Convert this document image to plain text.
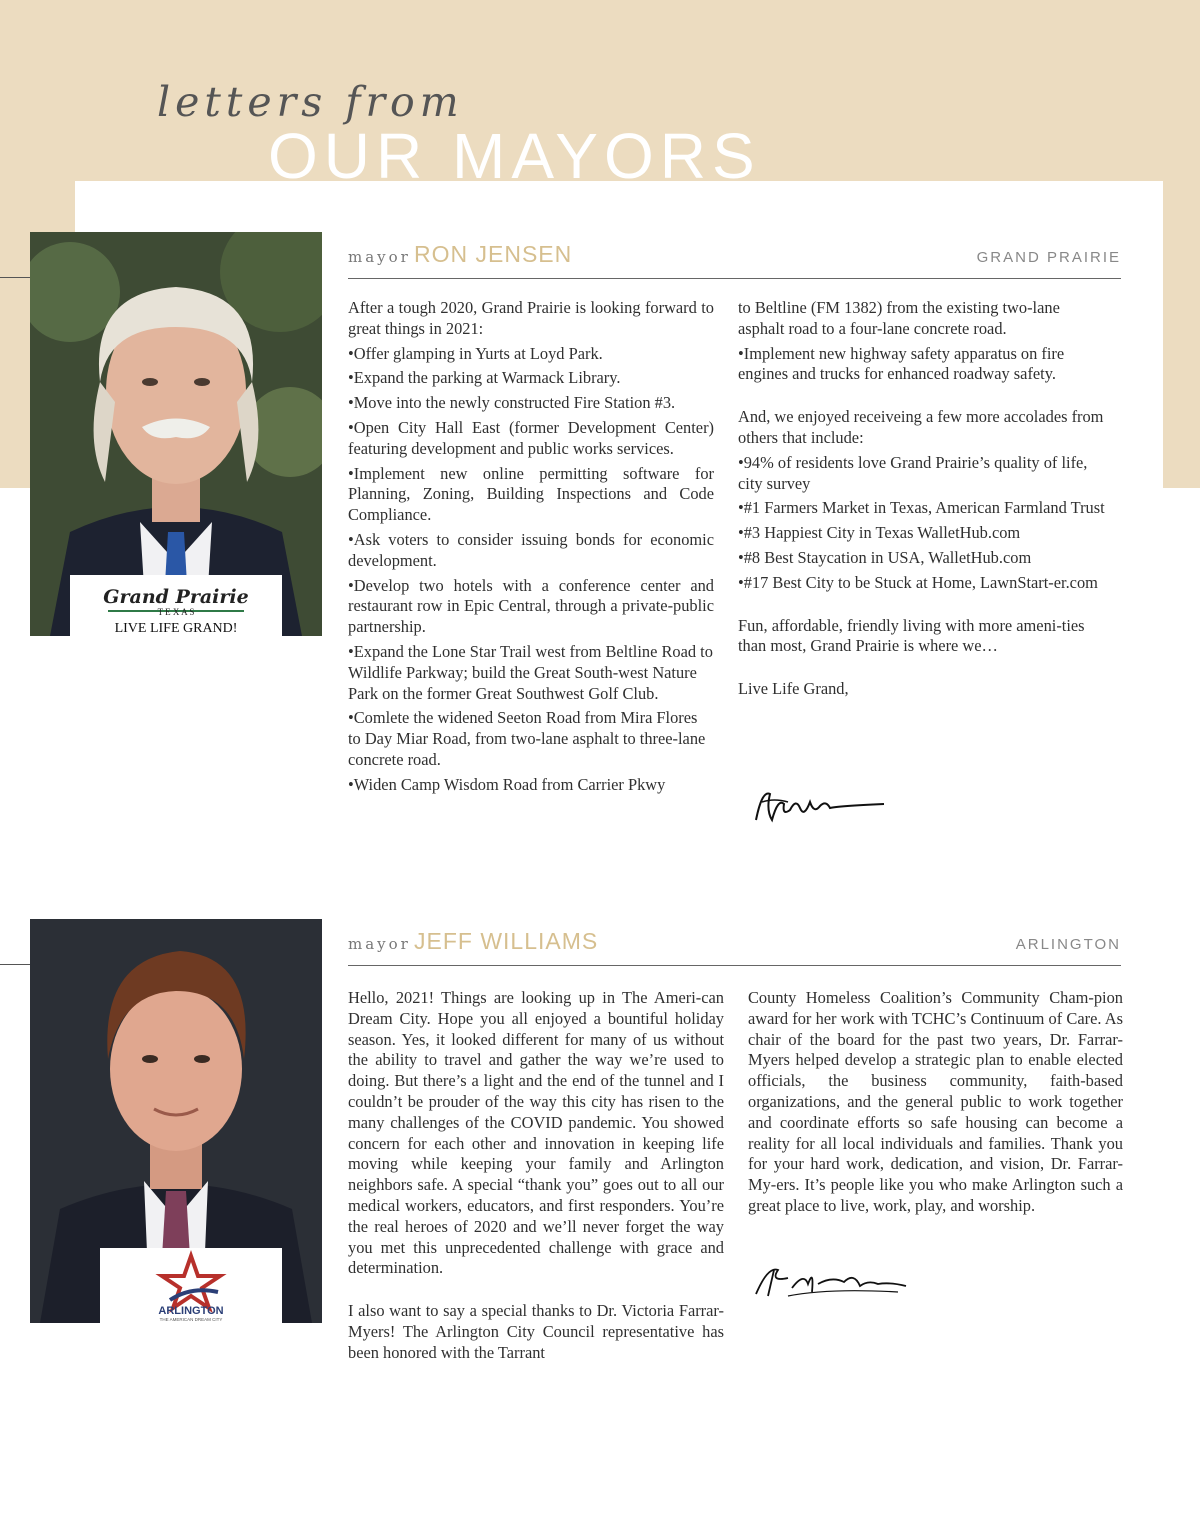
letters from
OUR MAYORS
Grand Prairie
T E X A S
LIVE LIFE GRAND!
mayor RON JENSEN	GRAND PRAIRIE

After a tough 2020, Grand Prairie is looking forward to great things in 2021:

•Offer glamping in Yurts at Loyd Park.

•Expand the parking at Warmack Library.

•Move into the newly constructed Fire Station #3.

•Open City Hall East (former Development Center) featuring development and public works services.

•Implement new online permitting software for Planning, Zoning, Building Inspections and Code Compliance.

•Ask voters to consider issuing bonds for economic development.

•Develop two hotels with a conference center and restaurant row in Epic Central, through a private-public partnership.

•Expand the Lone Star Trail west from Beltline Road to Wildlife Parkway; build the Great South-west Nature Park on the former Great Southwest Golf Club.

•Comlete the widened Seeton Road from Mira Flores to Day Miar Road, from two-lane asphalt to three-lane concrete road.

•Widen Camp Wisdom Road from Carrier Pkwy

to Beltline (FM 1382) from the existing two-lane asphalt road to a four-lane concrete road.

•Implement new highway safety apparatus on fire engines and trucks for enhanced roadway safety.

And, we enjoyed receiveing a few more accolades from others that include:

•94% of residents love Grand Prairie’s quality of life, city survey

•#1 Farmers Market in Texas, American Farmland Trust

•#3 Happiest City in Texas WalletHub.com

•#8 Best Staycation in USA, WalletHub.com

•#17 Best City to be Stuck at Home, LawnStart-er.com

Fun, affordable, friendly living with more ameni-ties than most, Grand Prairie is where we…

Live Life Grand,

ARLINGTON
THE AMERICAN DREAM CITY
mayor JEFF WILLIAMS	ARLINGTON

Hello, 2021! Things are looking up in The Ameri-can Dream City. Hope you all enjoyed a bountiful holiday season. Yes, it looked different for many of us without the ability to travel and gather the way we’re used to doing. But there’s a light and the end of the tunnel and I couldn’t be prouder of the way this city has risen to the many challenges of the COVID pandemic. You showed concern for each other and innovation in keeping life moving while keeping your family and Arlington neighbors safe. A special “thank you” goes out to all our medical workers, educators, and first responders. You’re the real heroes of 2020 and we’ll never forget the way you met this unprecedented challenge with grace and determination.

I also want to say a special thanks to Dr. Victoria Farrar-Myers! The Arlington City Council representative has been honored with the Tarrant

County Homeless Coalition’s Community Cham-pion award for her work with TCHC’s Continuum of Care. As chair of the board for the past two years, Dr. Farrar-Myers helped develop a strategic plan to enable elected officials, the business community, faith-based organizations, and the general public to work together and coordinate efforts so safe housing can become a reality for all local individuals and families. Thank you for your hard work, dedication, and vision, Dr. Farrar-My-ers. It’s people like you who make Arlington such a great place to live, work, play, and worship.
